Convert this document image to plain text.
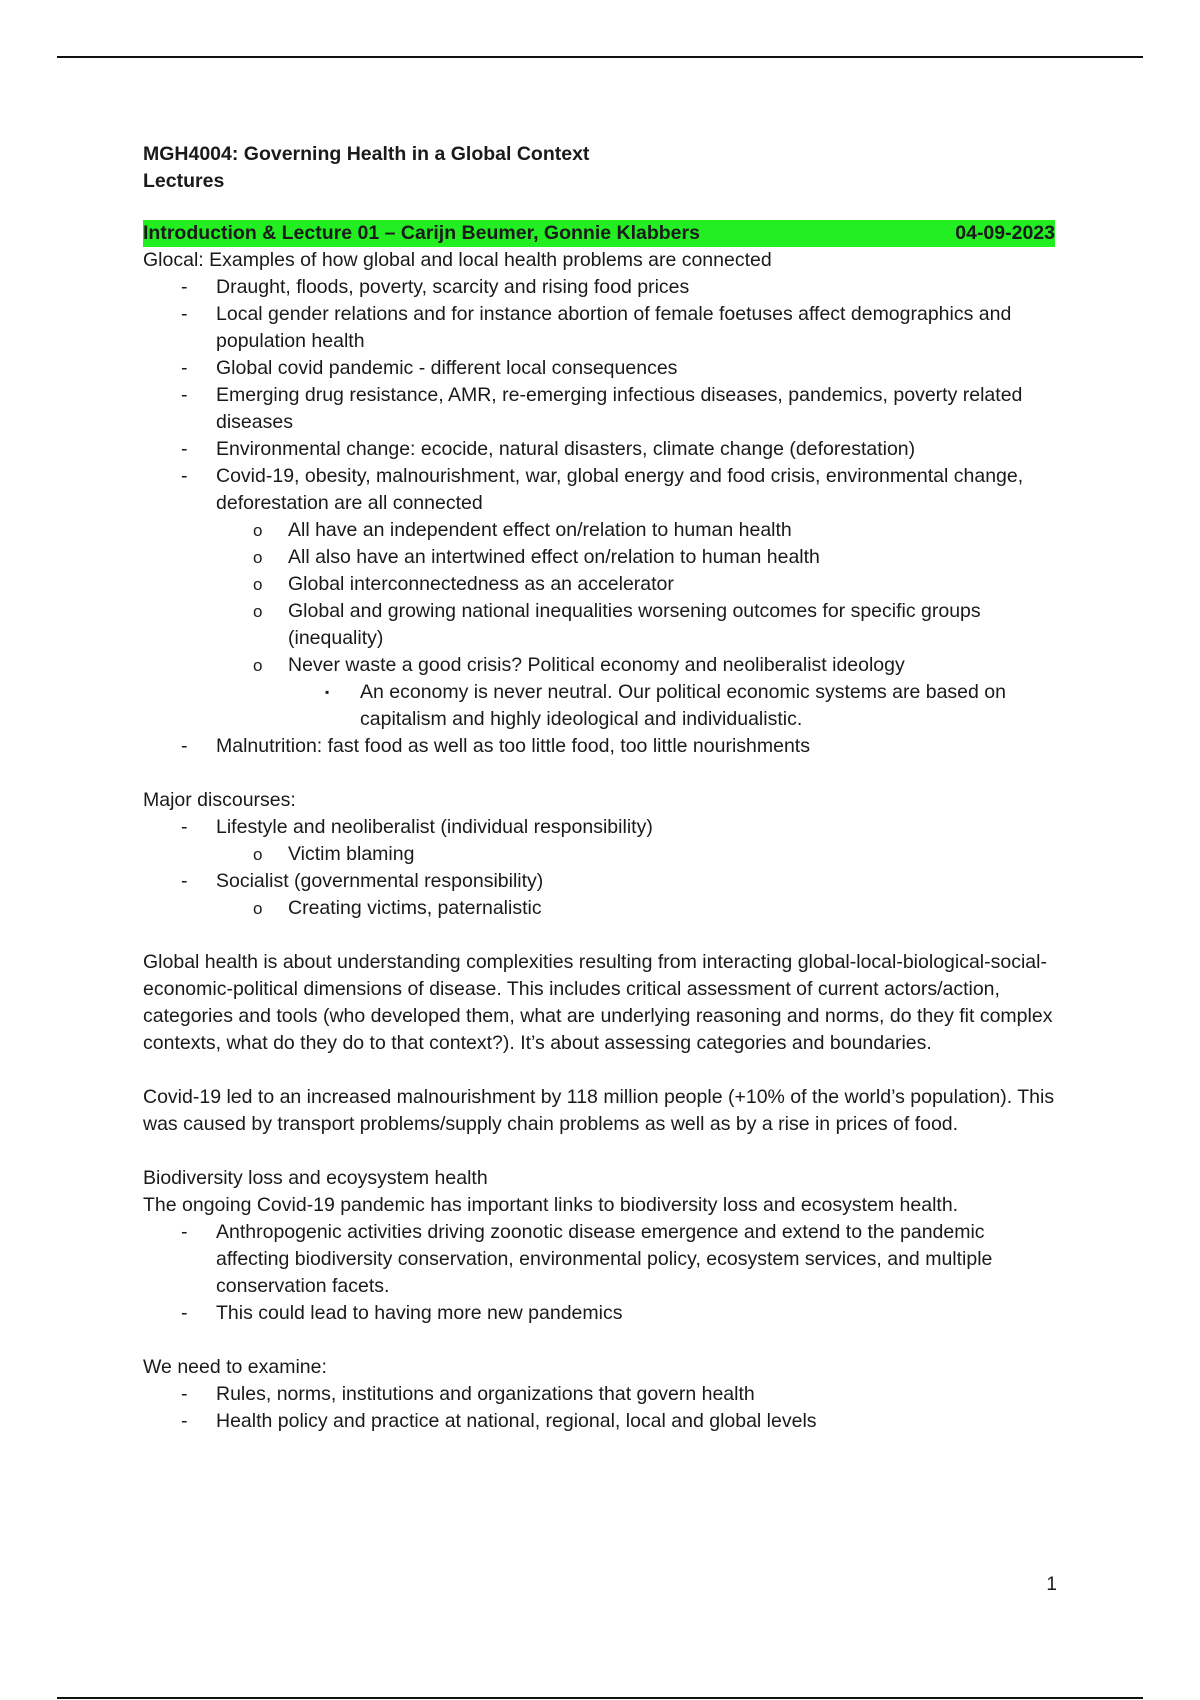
MGH4004: Governing Health in a Global Context
Lectures
Introduction & Lecture 01 – Carijn Beumer, Gonnie Klabbers	04-09-2023

Glocal: Examples of how global and local health problems are connected

- Draught, floods, poverty, scarcity and rising food prices
- Local gender relations and for instance abortion of female foetuses affect demographics and population health
- Global covid pandemic - different local consequences
- Emerging drug resistance, AMR, re-emerging infectious diseases, pandemics, poverty related diseases
- Environmental change: ecocide, natural disasters, climate change (deforestation)
- Covid-19, obesity, malnourishment, war, global energy and food crisis, environmental change, deforestation are all connected
o All have an independent effect on/relation to human health
o All also have an intertwined effect on/relation to human health
o Global interconnectedness as an accelerator
o Global and growing national inequalities worsening outcomes for specific groups (inequality)
o Never waste a good crisis? Political economy and neoliberalist ideology
▪ An economy is never neutral. Our political economic systems are based on capitalism and highly ideological and individualistic.
- Malnutrition: fast food as well as too little food, too little nourishments

Major discourses:

- Lifestyle and neoliberalist (individual responsibility)
o Victim blaming
- Socialist (governmental responsibility)
o Creating victims, paternalistic

Global health is about understanding complexities resulting from interacting global-local-biological-social-economic-political dimensions of disease. This includes critical assessment of current actors/action, categories and tools (who developed them, what are underlying reasoning and norms, do they fit complex contexts, what do they do to that context?). It’s about assessing categories and boundaries.

Covid-19 led to an increased malnourishment by 118 million people (+10% of the world’s population). This was caused by transport problems/supply chain problems as well as by a rise in prices of food.

Biodiversity loss and ecoysystem health

The ongoing Covid-19 pandemic has important links to biodiversity loss and ecosystem health.

- Anthropogenic activities driving zoonotic disease emergence and extend to the pandemic affecting biodiversity conservation, environmental policy, ecosystem services, and multiple conservation facets.
- This could lead to having more new pandemics

We need to examine:

- Rules, norms, institutions and organizations that govern health
- Health policy and practice at national, regional, local and global levels
1
